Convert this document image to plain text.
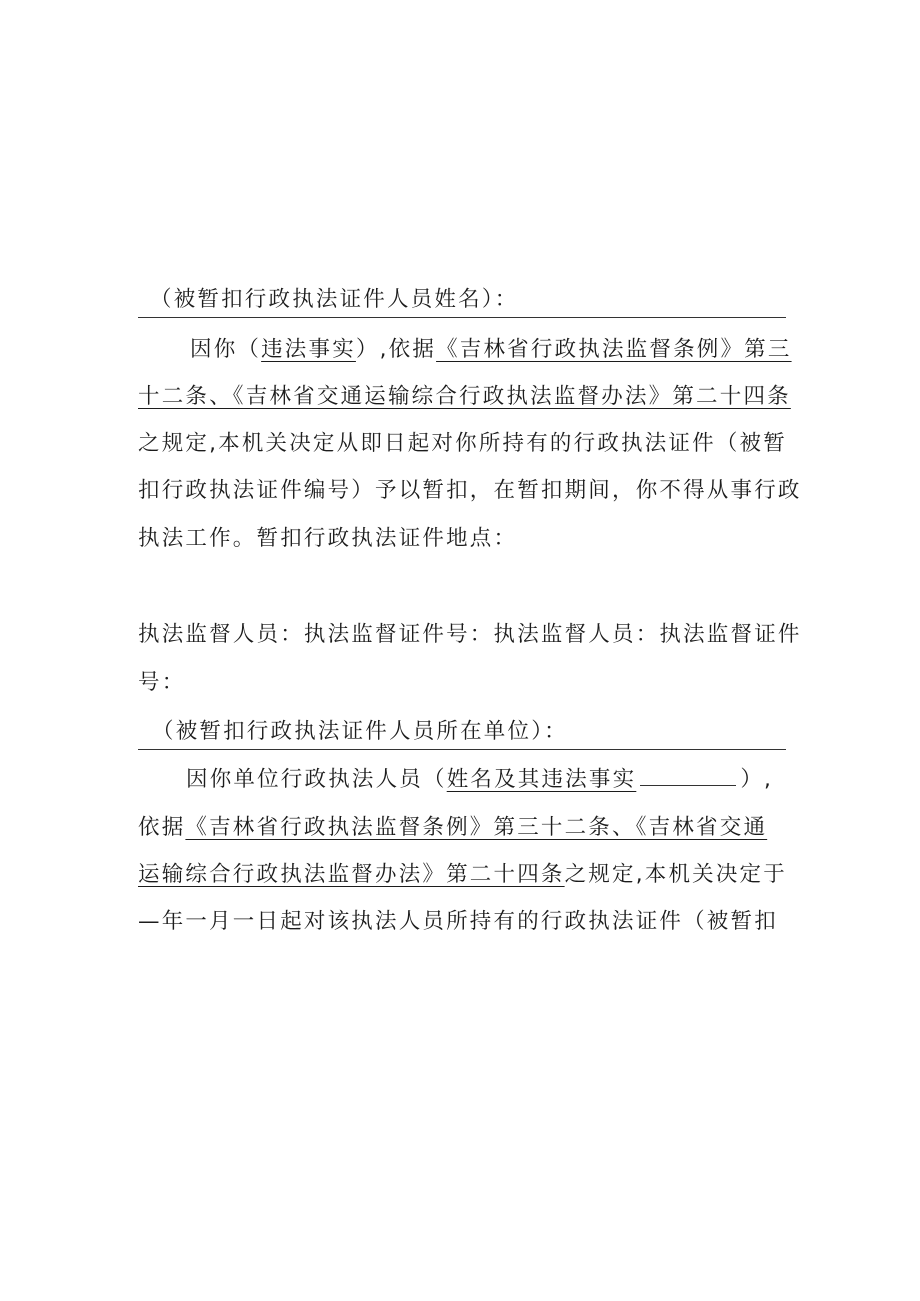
（被暂扣行政执法证件人员姓名）：
因你（违法事实）,依据《吉林省行政执法监督条例》第三
十二条、《吉林省交通运输综合行政执法监督办法》第二十四条
之规定,本机关决定从即日起对你所持有的行政执法证件（被暂
扣行政执法证件编号）予以暂扣，在暂扣期间，你不得从事行政
执法工作。暂扣行政执法证件地点：
执法监督人员：执法监督证件号：执法监督人员：执法监督证件
号：
（被暂扣行政执法证件人员所在单位）：
因你单位行政执法人员（姓名及其违法事实	）,
依据《吉林省行政执法监督条例》第三十二条、《吉林省交通
运输综合行政执法监督办法》第二十四条之规定,本机关决定于
—年一月一日起对该执法人员所持有的行政执法证件（被暂扣
